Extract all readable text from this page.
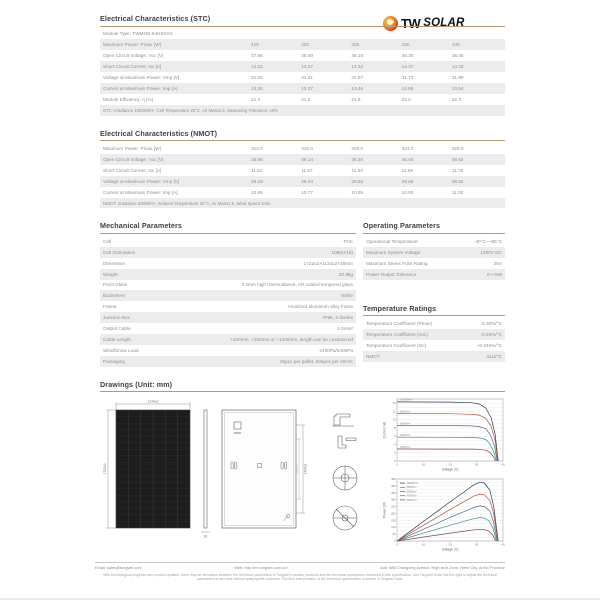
TW SOLAR
Electrical Characteristics (STC)
Module Type: TWMND-54HSXXX
Maximum Power: Pmax [W]	415	420	425	430	435
Open Circuit Voltage: Voc [V]	37.85	38.00	38.15	38.30	38.45
Short Circuit Current: Isc [A]	14.22	14.27	14.32	14.37	14.42
Voltage at Maximum Power: Vmp [V]	31.25	31.41	31.57	31.73	31.89
Current at Maximum Power: Imp [A]	13.28	13.37	13.46	13.55	13.64
Module Efficiency: η [%]	21.3	21.5	21.8	22.0	22.3
STC: Irradiance 1000W/m², Cell Temperature 25°C, Air Mass1.5, Measuring Tolerance: ±3%
Electrical Characteristics (NMOT)
Maximum Power: Pmax [W]	312.0	316.0	320.0	324.0	328.0
Open Circuit Voltage: Voc [V]	35.98	36.14	36.30	36.46	36.62
Short Circuit Current: Isc [A]	11.51	11.57	11.63	11.69	11.75
Voltage at Maximum Power: Vmp [V]	29.18	29.34	29.50	29.66	29.82
Current at Maximum Power: Imp [A]	10.69	10.77	10.85	10.93	11.00
NMOT: Irradiance 800W/m², Ambient Temperature 20°C, Air Mass1.5, Wind Speed 1m/s
Mechanical Parameters
Cell	TNC
Cell Orientation	108(6×18)
Dimension	1722±2×1134±2×30mm
Weight	20.9kg
Front Glass	3.2mm high transmittance, AR coated tempered glass
Backsheet	White
Frame	Anodized aluminum alloy frame
Junction Box	IP68, 3 diodes
Output Cable	4.0mm²
Cable Length	+400mm, +200mm or +1200mm, length can be customized
Wind/Snow Load	2400Pa/5400Pa
Packaging	36pcs per pallet, 936pcs per 40'HC
Operating Parameters
Operational Temperature	-40°C~+85°C
Maximum System Voltage	1500V DC
Maximum Series Fuse Rating	25A
Power Output Tolerance	0~+5W
Temperature Ratings
Temperature Coefficient (Pmax)	-0.30%/°C
Temperature Coefficient (Voc)	-0.25%/°C
Temperature Coefficient (Isc)	+0.046%/°C
NMOT	41±2°C
Drawings (Unit: mm)
1134±2
1722±2
30
1400±1
1100±1	0	10	20	30	40
0
2
4
6
8
10
12
14
1000W/m²
800W/m²
600W/m²
400W/m²
200W/m²
Voltage (V)
Current (A)
0	10	20	30	40
0
50
100
150
200
250
300
350
400
450
1000W/m²
800W/m²
600W/m²
400W/m²
200W/m²
Voltage (V)
Power (W)
Email: sales@tongwei.com	Web: http://en.tongwei.com.cn/	Add: 888 Changxing Avenue, High-tech Zone, Hefei City, Anhui Province
With technological progress and product updates, there may be deviations between the technical parameters of Tongwei's module products and the technical parameters contained in this specification, and Tongwei Solar has the right to adjust the technical parameters at any time without notifying the customer. The final interpretation of the technical specification is vested in Tongwei Solar.
